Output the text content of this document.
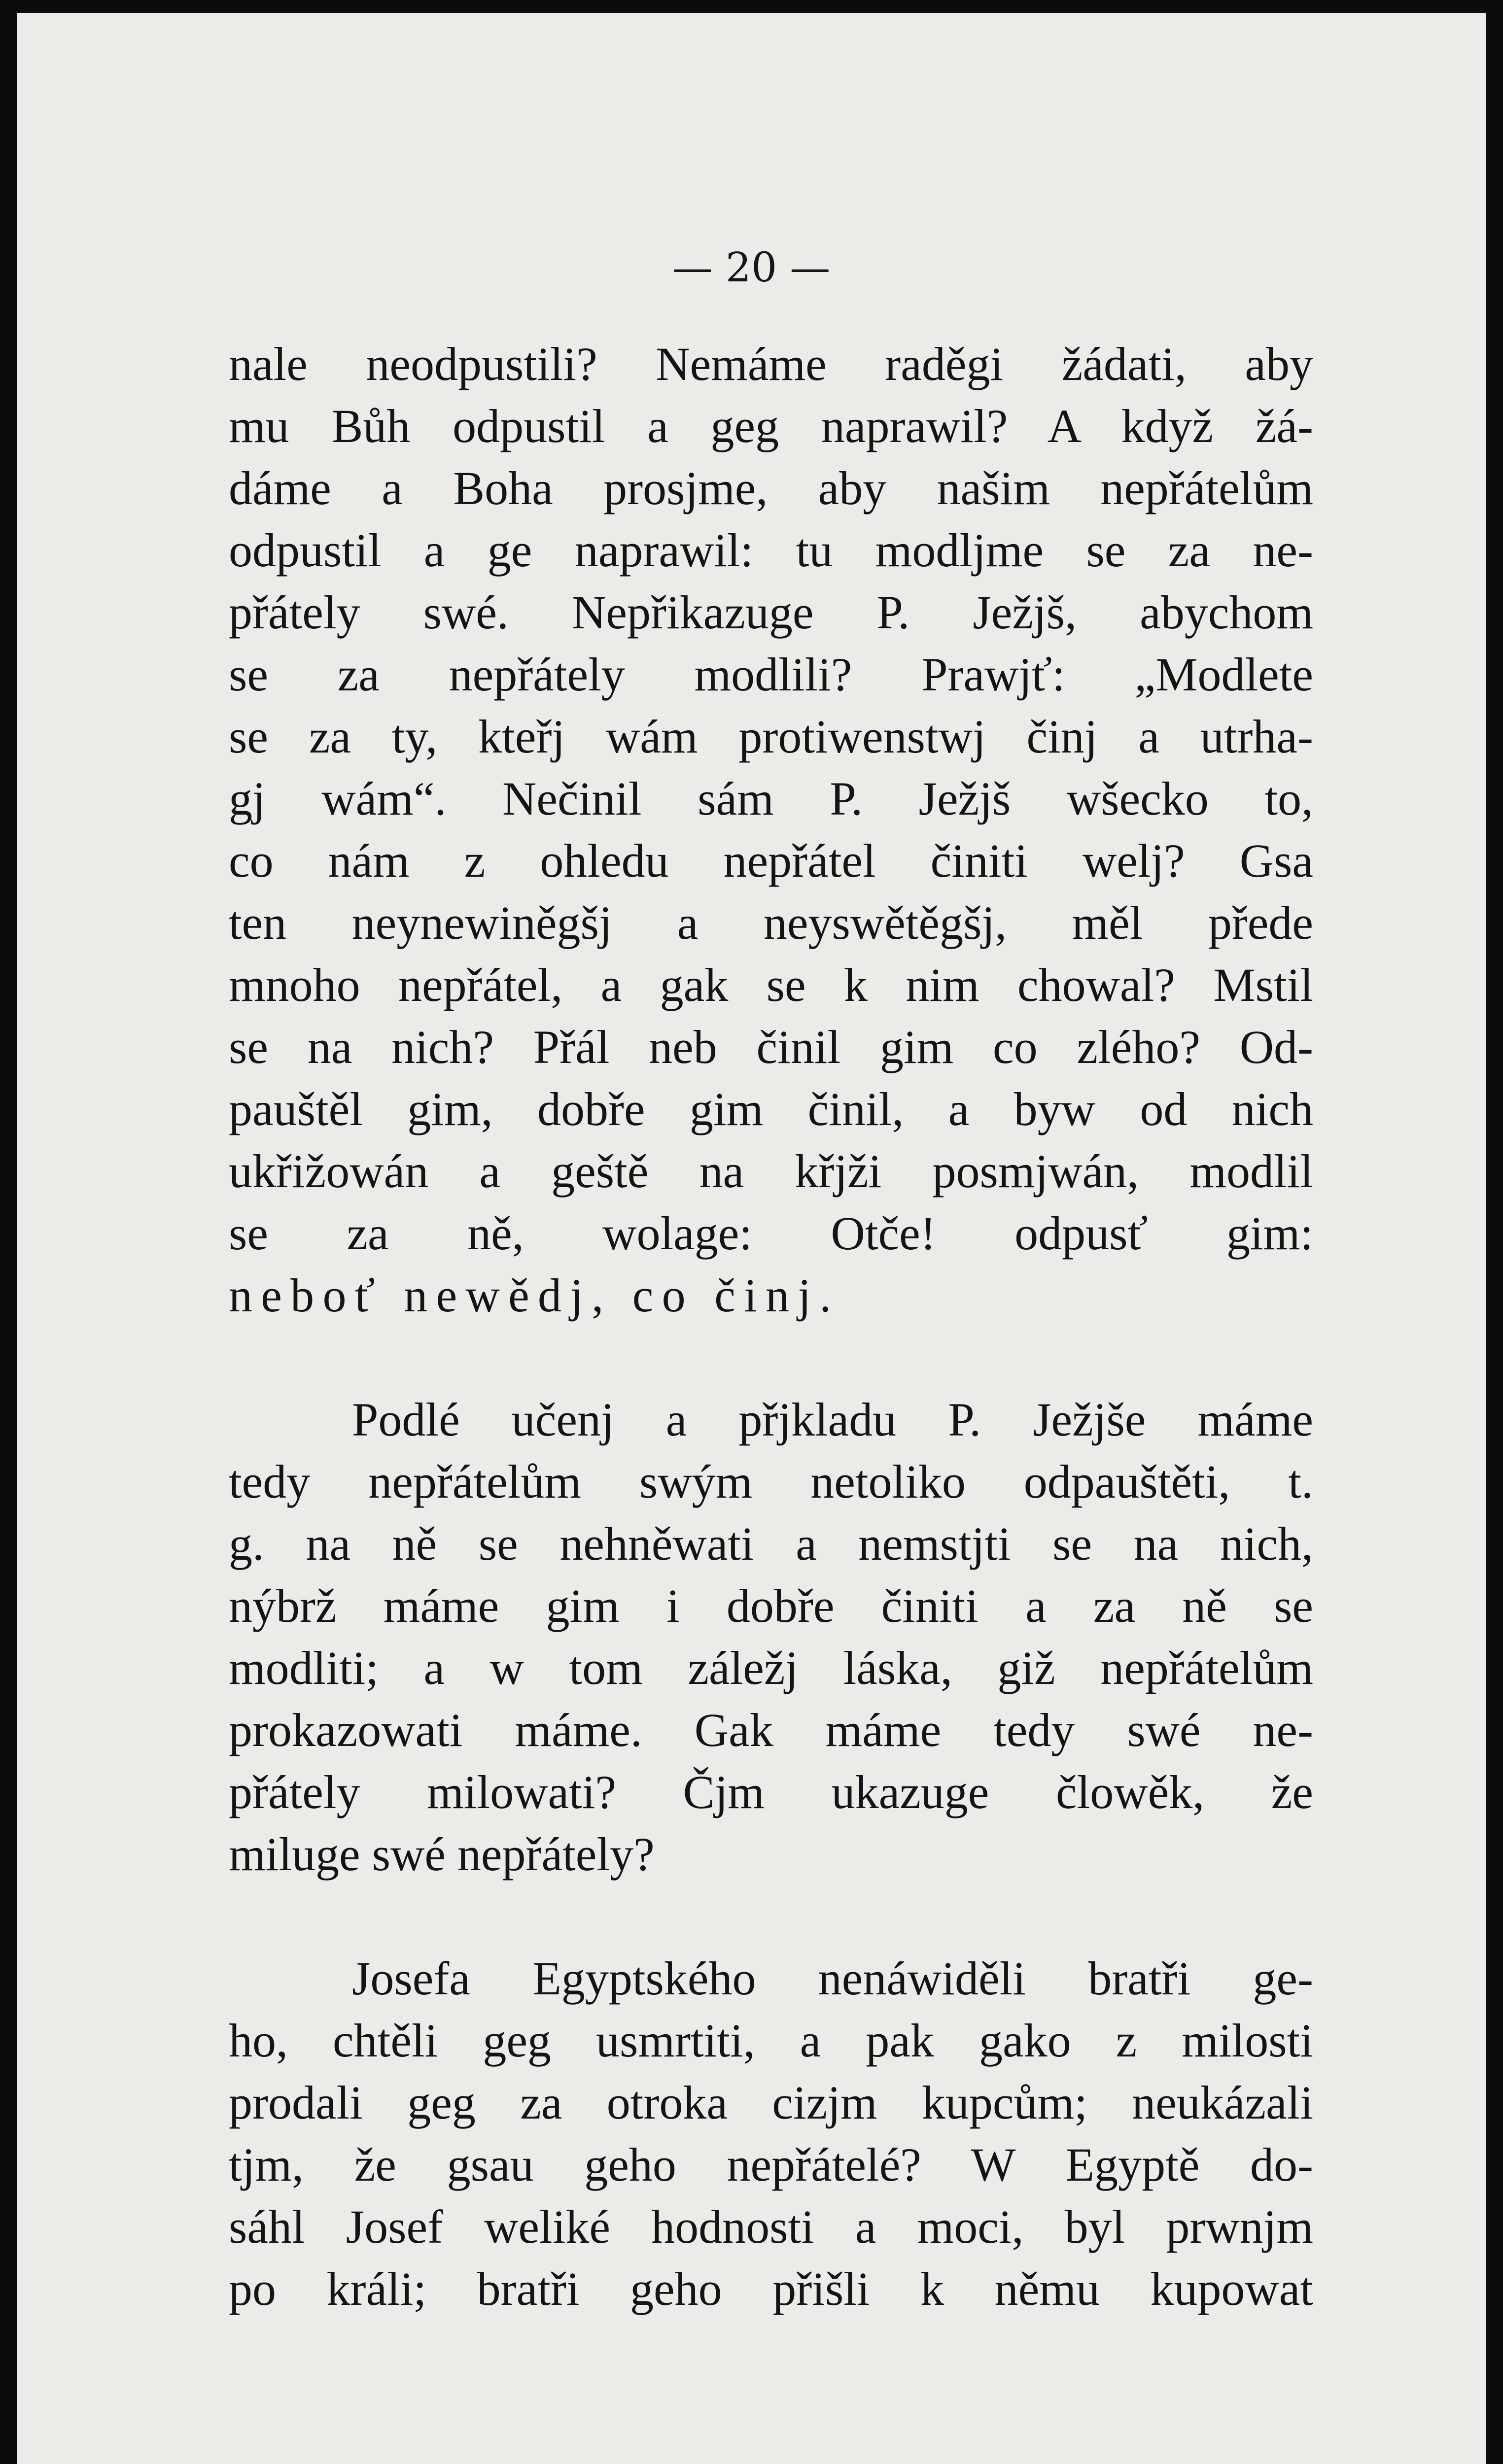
— 20 —

nale neodpustili? Nemáme raděgi žádati, aby
mu Bůh odpustil a geg naprawil? A když žá-
dáme a Boha prosjme, aby našim nepřátelům
odpustil a ge naprawil: tu modljme se za ne-
přátely swé. Nepřikazuge P. Ježjš, abychom
se za nepřátely modlili? Prawjť: „Modlete
se za ty, kteřj wám protiwenstwj činj a utrha-
gj wám“. Nečinil sám P. Ježjš wšecko to,
co nám z ohledu nepřátel činiti welj? Gsa
ten neynewiněgšj a neyswětěgšj, měl přede
mnoho nepřátel, a gak se k nim chowal? Mstil
se na nich? Přál neb činil gim co zlého? Od-
pauštěl gim, dobře gim činil, a byw od nich
ukřižowán a geště na křjži posmjwán, modlil
se za ně, wolage: Otče! odpusť gim:
neboť newědj, co činj.

Podlé učenj a přjkladu P. Ježjše máme
tedy nepřátelům swým netoliko odpauštěti, t.
g. na ně se nehněwati a nemstjti se na nich,
nýbrž máme gim i dobře činiti a za ně se
modliti; a w tom záležj láska, giž nepřátelům
prokazowati máme. Gak máme tedy swé ne-
přátely milowati? Čjm ukazuge člowěk, že
miluge swé nepřátely?

Josefa Egyptského nenáwiděli bratři ge-
ho, chtěli geg usmrtiti, a pak gako z milosti
prodali geg za otroka cizjm kupcům; neukázali
tjm, že gsau geho nepřátelé? W Egyptě do-
sáhl Josef weliké hodnosti a moci, byl prwnjm
po králi; bratři geho přišli k němu kupowat
